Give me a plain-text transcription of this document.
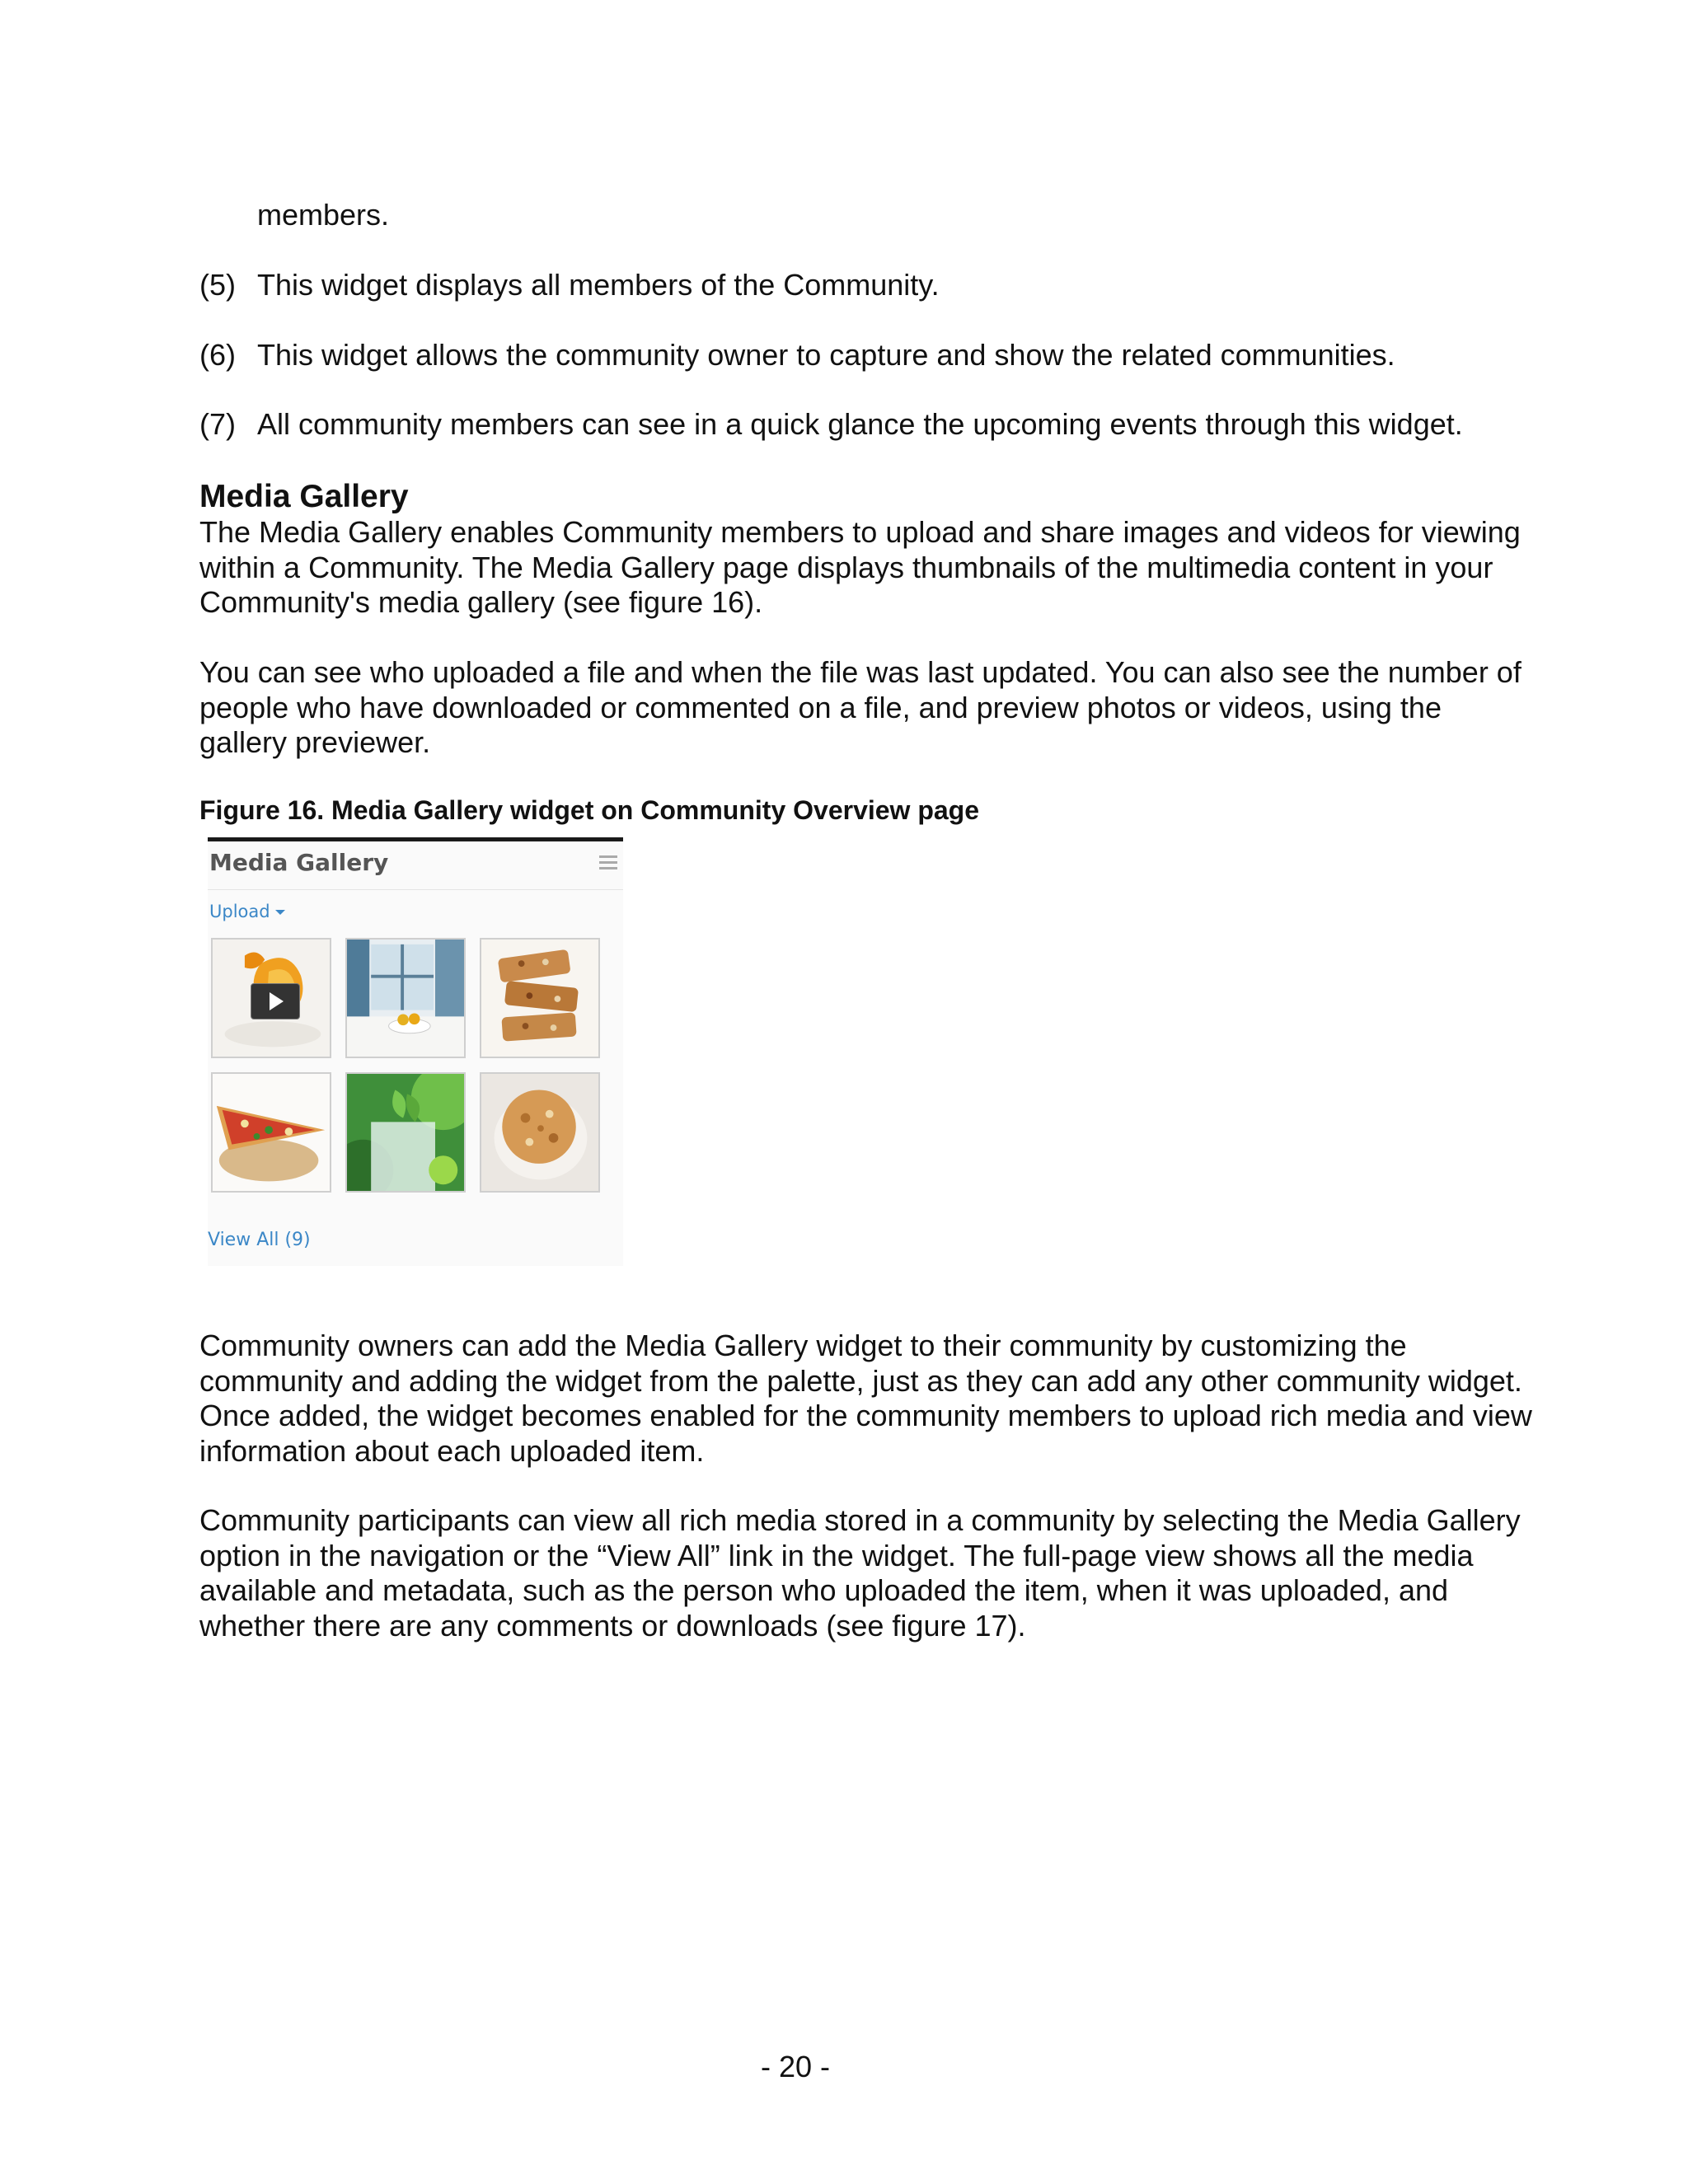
members.
(5) This widget displays all members of the Community.
(6) This widget allows the community owner to capture and show the related communities.
(7) All community members can see in a quick glance the upcoming events through this widget.
Media Gallery

The Media Gallery enables Community members to upload and share images and videos for viewing within a Community. The Media Gallery page displays thumbnails of the multimedia content in your Community's media gallery (see figure 16).

You can see who uploaded a file and when the file was last updated. You can also see the number of people who have downloaded or commented on a file, and preview photos or videos, using the gallery previewer.

Figure 16. Media Gallery widget on Community Overview page
Media Gallery
Upload
View All (9)

Community owners can add the Media Gallery widget to their community by customizing the community and adding the widget from the palette, just as they can add any other community widget. Once added, the widget becomes enabled for the community members to upload rich media and view information about each uploaded item.

Community participants can view all rich media stored in a community by selecting the Media Gallery option in the navigation or the “View All” link in the widget. The full-page view shows all the media available and metadata, such as the person who uploaded the item, when it was uploaded, and whether there are any comments or downloads (see figure 17).

- 20 -
